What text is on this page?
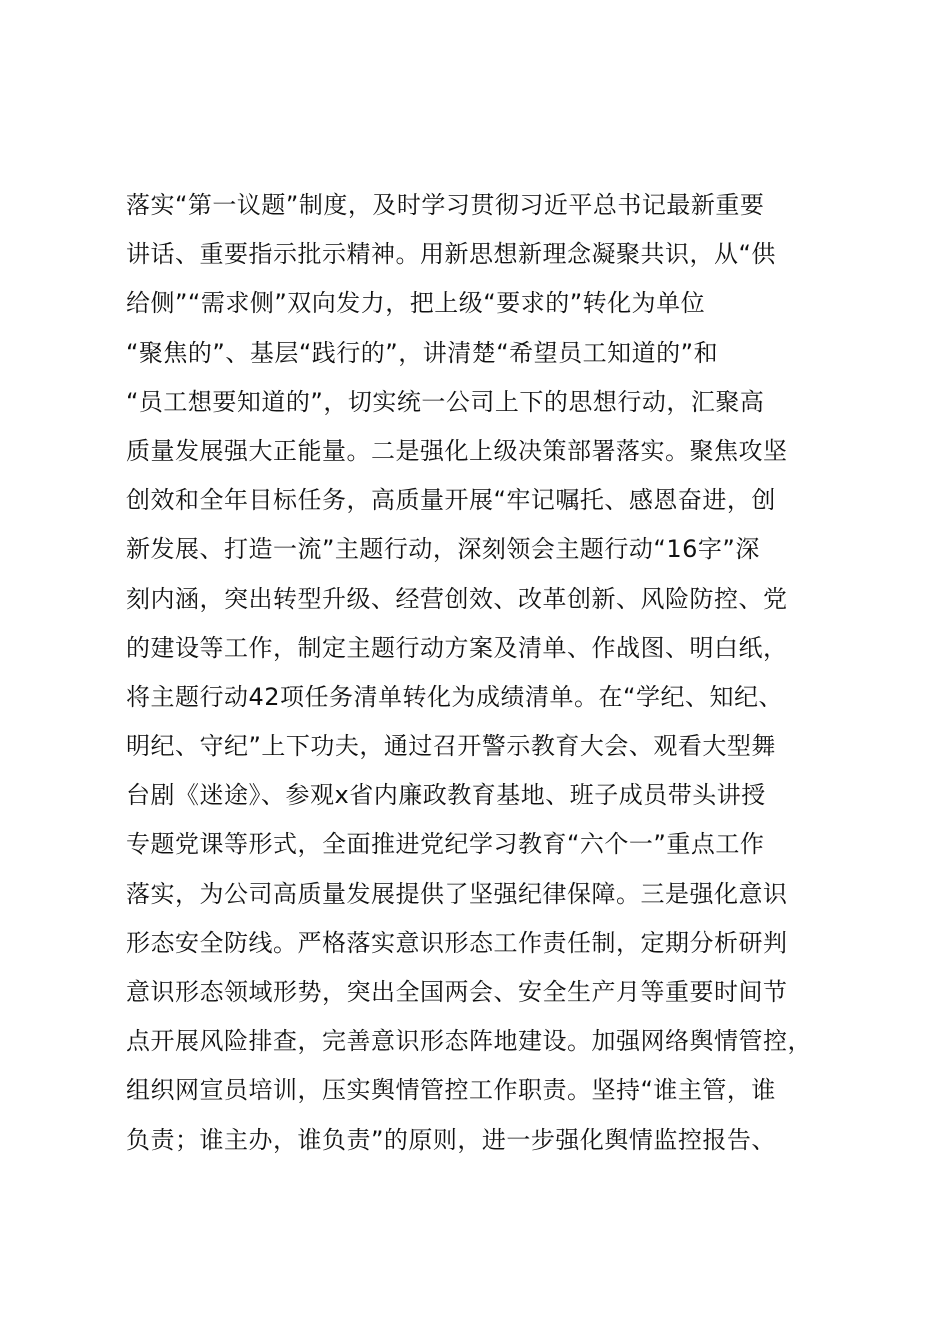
落实“第一议题”制度，及时学习贯彻习近平总书记最新重要
讲话、重要指示批示精神。用新思想新理念凝聚共识，从“供
给侧”“需求侧”双向发力，把上级“要求的”转化为单位
“聚焦的”、基层“践行的”，讲清楚“希望员工知道的”和
“员工想要知道的”，切实统一公司上下的思想行动，汇聚高
质量发展强大正能量。二是强化上级决策部署落实。聚焦攻坚
创效和全年目标任务，高质量开展“牢记嘱托、感恩奋进，创
新发展、打造一流”主题行动，深刻领会主题行动“16字”深
刻内涵，突出转型升级、经营创效、改革创新、风险防控、党
的建设等工作，制定主题行动方案及清单、作战图、明白纸，
将主题行动42项任务清单转化为成绩清单。在“学纪、知纪、
明纪、守纪”上下功夫，通过召开警示教育大会、观看大型舞
台剧《迷途》、参观x省内廉政教育基地、班子成员带头讲授
专题党课等形式，全面推进党纪学习教育“六个一”重点工作
落实，为公司高质量发展提供了坚强纪律保障。三是强化意识
形态安全防线。严格落实意识形态工作责任制，定期分析研判
意识形态领域形势，突出全国两会、安全生产月等重要时间节
点开展风险排查，完善意识形态阵地建设。加强网络舆情管控，
组织网宣员培训，压实舆情管控工作职责。坚持“谁主管，谁
负责；谁主办，谁负责”的原则，进一步强化舆情监控报告、
